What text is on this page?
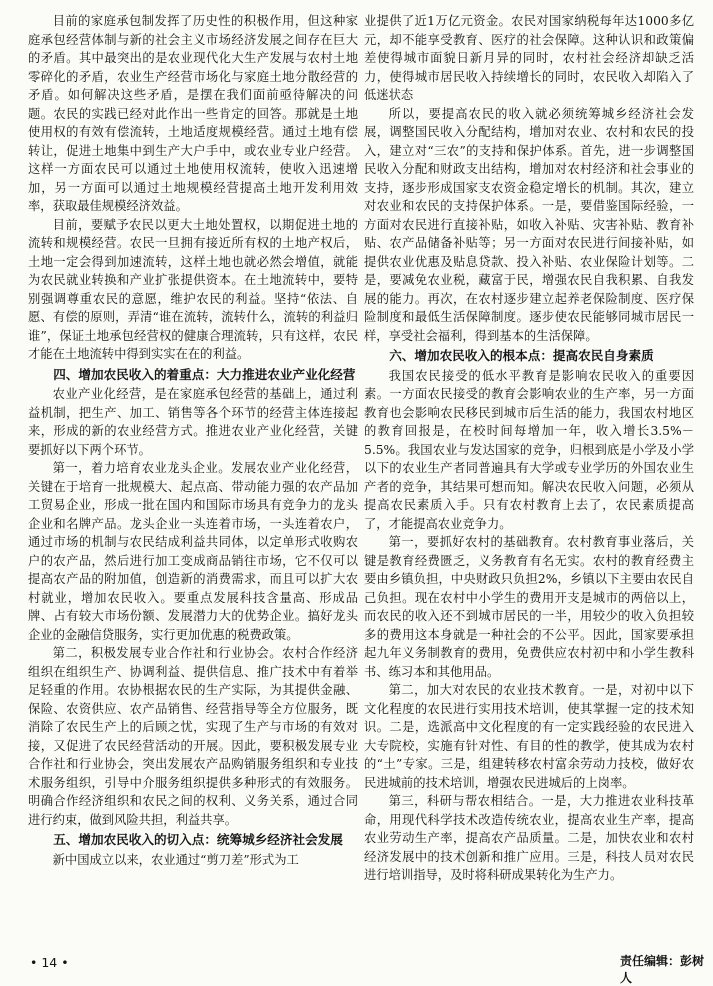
目前的家庭承包制发挥了历史性的积极作用，但这种家庭承包经营体制与新的社会主义市场经济发展之间存在巨大的矛盾。其中最突出的是农业现代化大生产发展与农村土地零碎化的矛盾，农业生产经营市场化与家庭土地分散经营的矛盾。如何解决这些矛盾，是摆在我们面前亟待解决的问题。农民的实践已经对此作出一些肯定的回答。那就是土地使用权的有效有偿流转，土地适度规模经营。通过土地有偿转让，促进土地集中到生产大户手中，或农业专业户经营。这样一方面农民可以通过土地使用权流转，使收入迅速增加，另一方面可以通过土地规模经营提高土地开发利用效率，获取最佳规模经济效益。

目前，要赋予农民以更大土地处置权，以期促进土地的流转和规模经营。农民一旦拥有接近所有权的土地产权后，土地一定会得到加速流转，这样土地也就必然会增值，就能为农民就业转换和产业扩张提供资本。在土地流转中，要特别强调尊重农民的意愿，维护农民的利益。坚持“依法、自愿、有偿的原则，弄清“谁在流转，流转什么，流转的利益归谁”，保证土地承包经营权的健康合理流转，只有这样，农民才能在土地流转中得到实实在在的利益。

四、增加农民收入的着重点：大力推进农业产业化经营

农业产业化经营，是在家庭承包经营的基础上，通过利益机制，把生产、加工、销售等各个环节的经营主体连接起来，形成的新的农业经营方式。推进农业产业化经营，关键要抓好以下两个环节。

第一，着力培育农业龙头企业。发展农业产业化经营，关键在于培育一批规模大、起点高、带动能力强的农产品加工贸易企业，形成一批在国内和国际市场具有竞争力的龙头企业和名牌产品。龙头企业一头连着市场，一头连着农户，通过市场的机制与农民结成利益共同体，以定单形式收购农户的农产品，然后进行加工变成商品销往市场，它不仅可以提高农产品的附加值，创造新的消费需求，而且可以扩大农村就业，增加农民收入。要重点发展科技含量高、形成品牌、占有较大市场份额、发展潜力大的优势企业。搞好龙头企业的金融信贷服务，实行更加优惠的税费政策。

第二，积极发展专业合作社和行业协会。农村合作经济组织在组织生产、协调利益、提供信息、推广技术中有着举足轻重的作用。农协根据农民的生产实际，为其提供金融、保险、农资供应、农产品销售、经营指导等全方位服务，既消除了农民生产上的后顾之忧，实现了生产与市场的有效对接，又促进了农民经营活动的开展。因此，要积极发展专业合作社和行业协会，突出发展农产品购销服务组织和专业技术服务组织，引导中介服务组织提供多种形式的有效服务。明确合作经济组织和农民之间的权利、义务关系，通过合同进行约束，做到风险共担，利益共享。

五、增加农民收入的切入点：统筹城乡经济社会发展

新中国成立以来，农业通过“剪刀差”形式为工

业提供了近1万亿元资金。农民对国家纳税每年达1000多亿元，却不能享受教育、医疗的社会保障。这种认识和政策偏差使得城市面貌日新月异的同时，农村社会经济却缺乏活力，使得城市居民收入持续增长的同时，农民收入却陷入了低迷状态

所以，要提高农民的收入就必须统筹城乡经济社会发展，调整国民收入分配结构，增加对农业、农村和农民的投入，建立对“三农”的支持和保护体系。首先，进一步调整国民收入分配和财政支出结构，增加对农村经济和社会事业的支持，逐步形成国家支农资金稳定增长的机制。其次，建立对农业和农民的支持保护体系。一是，要借鉴国际经验，一方面对农民进行直接补贴，如收入补贴、灾害补贴、教育补贴、农产品储备补贴等；另一方面对农民进行间接补贴，如提供农业优惠及贴息贷款、投入补贴、农业保险计划等。二是，要减免农业税，藏富于民，增强农民自我积累、自我发展的能力。再次，在农村逐步建立起养老保险制度、医疗保险制度和最低生活保障制度。逐步使农民能够同城市居民一样，享受社会福利，得到基本的生活保障。

六、增加农民收入的根本点：提高农民自身素质

我国农民接受的低水平教育是影响农民收入的重要因素。一方面农民接受的教育会影响农业的生产率，另一方面教育也会影响农民移民到城市后生活的能力，我国农村地区的教育回报是，在校时间每增加一年，收入增长3.5%－5.5%。我国农业与发达国家的竞争，归根到底是小学及小学以下的农业生产者同普遍具有大学或专业学历的外国农业生产者的竞争，其结果可想而知。解决农民收入问题，必须从提高农民素质入手。只有农村教育上去了，农民素质提高了，才能提高农业竞争力。

第一，要抓好农村的基础教育。农村教育事业落后，关键是教育经费匮乏，义务教育有名无实。农村的教育经费主要由乡镇负担，中央财政只负担2%，乡镇以下主要由农民自己负担。现在农村中小学生的费用开支是城市的两倍以上，而农民的收入还不到城市居民的一半，用较少的收入负担较多的费用这本身就是一种社会的不公平。因此，国家要承担起九年义务制教育的费用，免费供应农村初中和小学生教科书、练习本和其他用品。

第二，加大对农民的农业技术教育。一是，对初中以下文化程度的农民进行实用技术培训，使其掌握一定的技术知识。二是，选派高中文化程度的有一定实践经验的农民进入大专院校，实施有针对性、有目的性的教学，使其成为农村的“土”专家。三是，组建转移农村富余劳动力技校，做好农民进城前的技术培训，增强农民进城后的上岗率。

第三，科研与帮农相结合。一是，大力推进农业科技革命，用现代科学技术改造传统农业，提高农业生产率，提高农业劳动生产率，提高农产品质量。二是，加快农业和农村经济发展中的技术创新和推广应用。三是，科技人员对农民进行培训指导，及时将科研成果转化为生产力。

责任编辑：彭树人
• 14 •
